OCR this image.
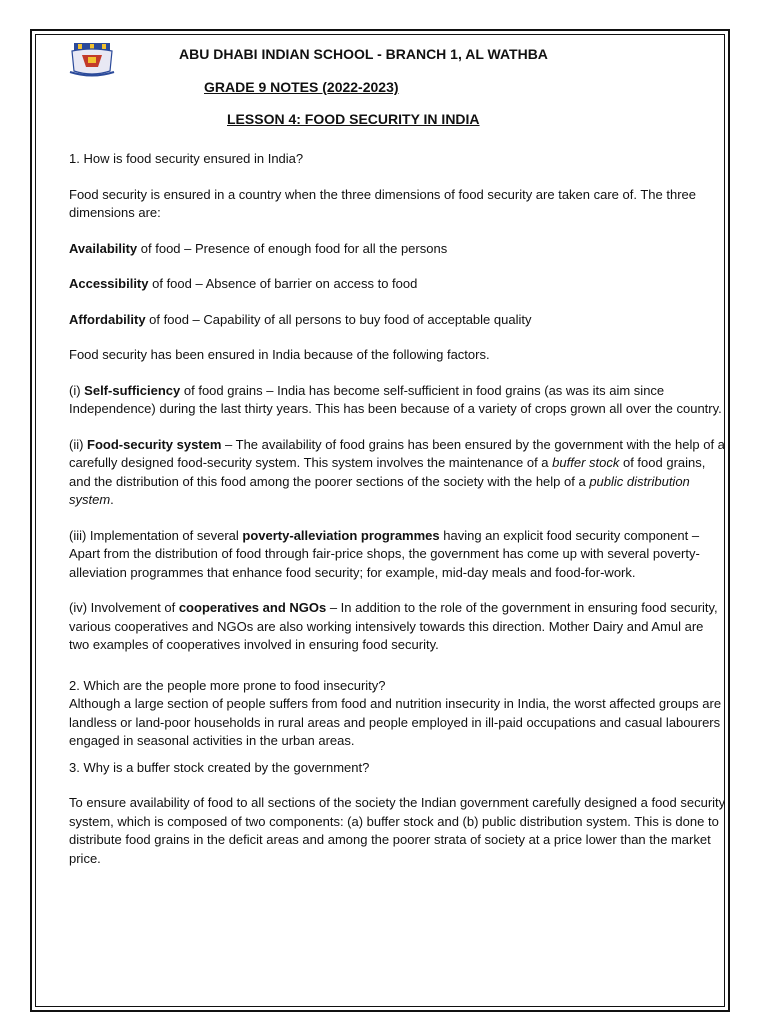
ABU DHABI INDIAN SCHOOL - BRANCH 1, AL WATHBA
GRADE 9 NOTES (2022-2023)
LESSON 4: FOOD SECURITY IN INDIA

1. How is food security ensured in India?

Food security is ensured in a country when the three dimensions of food security are taken care of. The three dimensions are:

Availability of food – Presence of enough food for all the persons

Accessibility of food – Absence of barrier on access to food

Affordability of food – Capability of all persons to buy food of acceptable quality

Food security has been ensured in India because of the following factors.

(i) Self-sufficiency of food grains – India has become self-sufficient in food grains (as was its aim since Independence) during the last thirty years. This has been because of a variety of crops grown all over the country.

(ii) Food-security system – The availability of food grains has been ensured by the government with the help of a carefully designed food-security system. This system involves the maintenance of a buffer stock of food grains, and the distribution of this food among the poorer sections of the society with the help of a public distribution system.

(iii) Implementation of several poverty-alleviation programmes having an explicit food security component – Apart from the distribution of food through fair-price shops, the government has come up with several poverty-alleviation programmes that enhance food security; for example, mid-day meals and food-for-work.

(iv) Involvement of cooperatives and NGOs – In addition to the role of the government in ensuring food security, various cooperatives and NGOs are also working intensively towards this direction. Mother Dairy and Amul are two examples of cooperatives involved in ensuring food security.

2. Which are the people more prone to food insecurity?

Although a large section of people suffers from food and nutrition insecurity in India, the worst affected groups are landless or land-poor households in rural areas and people employed in ill-paid occupations and casual labourers engaged in seasonal activities in the urban areas.

3. Why is a buffer stock created by the government?

To ensure availability of food to all sections of the society the Indian government carefully designed a food security system, which is composed of two components: (a) buffer stock and (b) public distribution system. This is done to distribute food grains in the deficit areas and among the poorer strata of society at a price lower than the market price.
